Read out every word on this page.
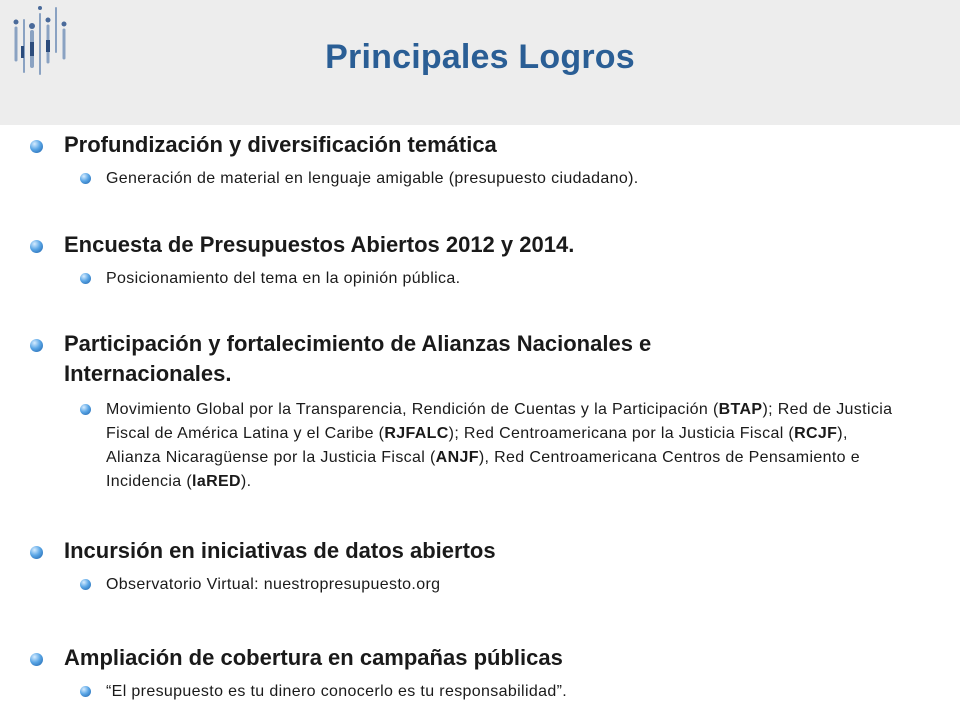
Principales Logros
Profundización y diversificación temática
Generación de material en lenguaje amigable (presupuesto ciudadano).
Encuesta de Presupuestos Abiertos 2012 y 2014.
Posicionamiento del tema en la opinión pública.
Participación y fortalecimiento de Alianzas Nacionales e
Internacionales.
Movimiento Global por la Transparencia, Rendición de Cuentas y la Participación (BTAP); Red de Justicia Fiscal de América Latina y el Caribe (RJFALC); Red Centroamericana por la Justicia Fiscal (RCJF), Alianza Nicaragüense por la Justicia Fiscal (ANJF), Red Centroamericana Centros de Pensamiento e Incidencia (laRED).
Incursión en iniciativas de datos abiertos
Observatorio Virtual: nuestropresupuesto.org
Ampliación de cobertura en campañas públicas
“El presupuesto es tu dinero conocerlo es tu responsabilidad”.
